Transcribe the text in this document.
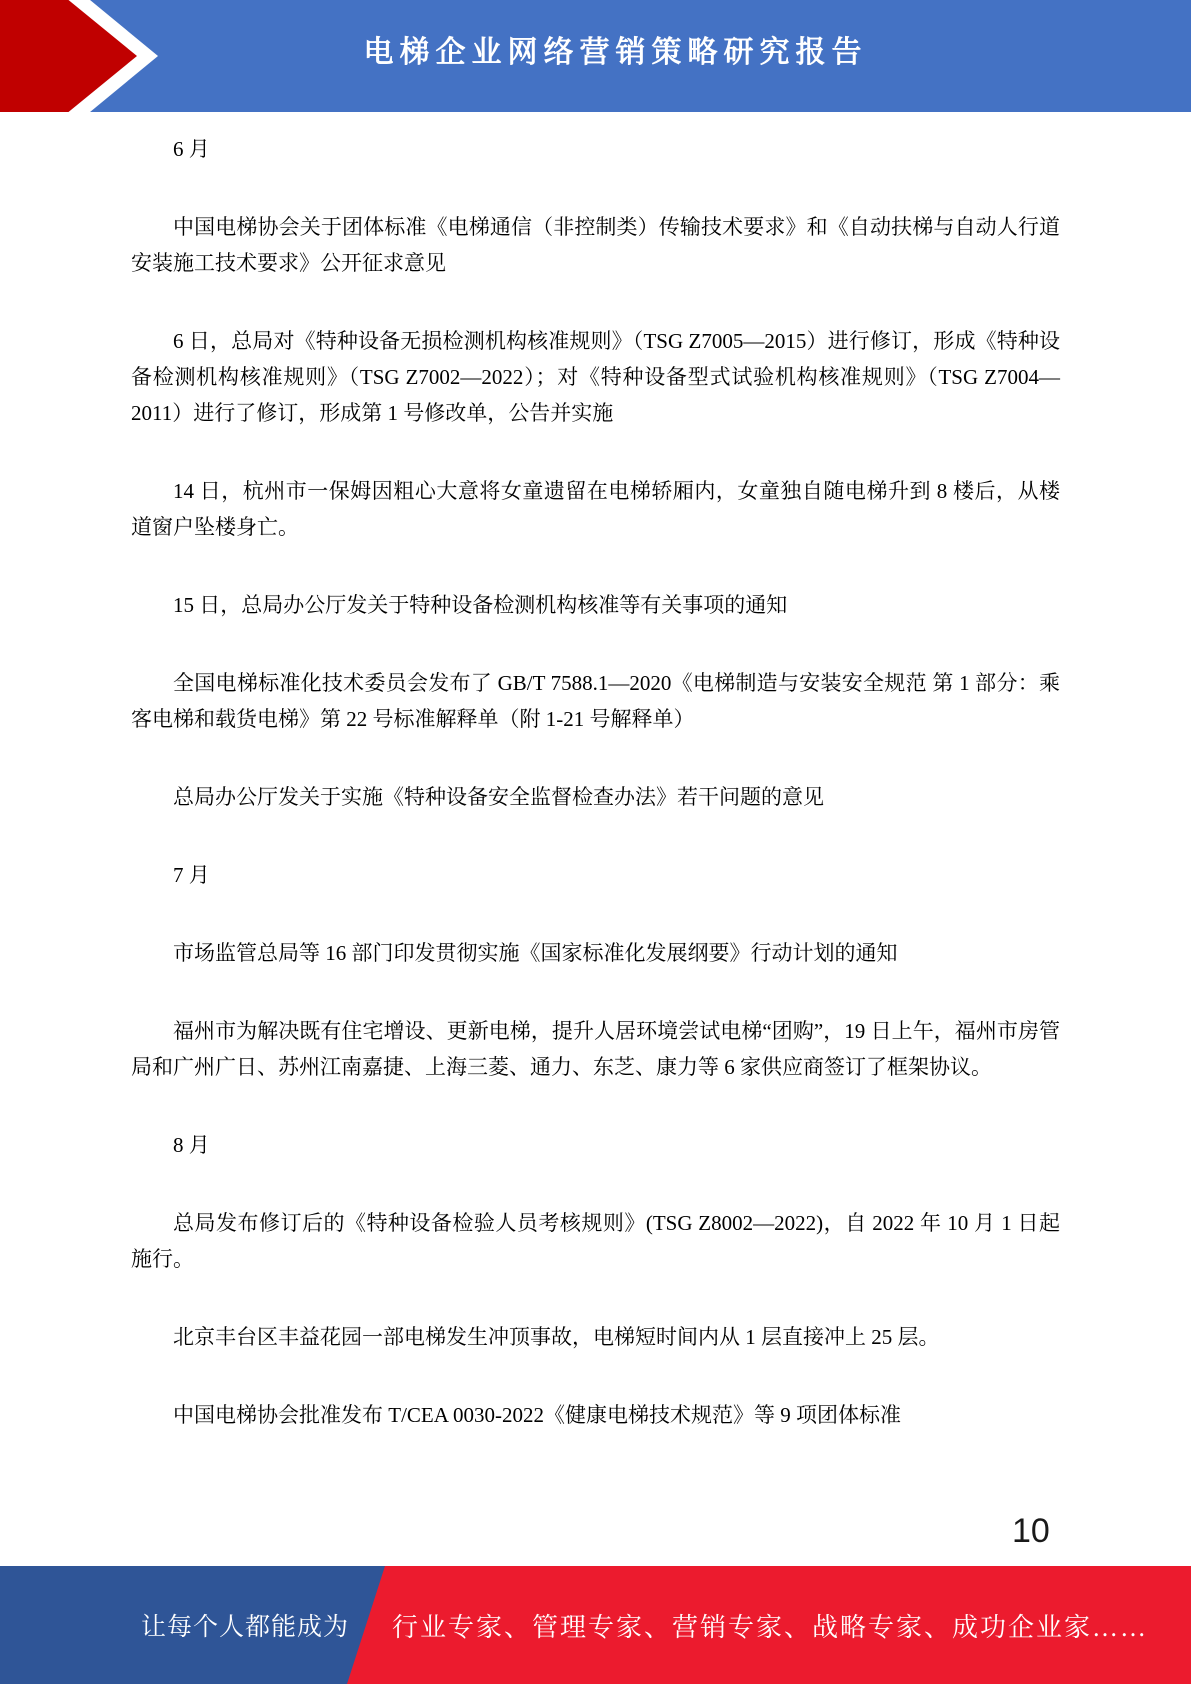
电梯企业网络营销策略研究报告

6 月

中国电梯协会关于团体标准《电梯通信（非控制类）传输技术要求》和《自动扶梯与自动人行道安装施工技术要求》公开征求意见

6 日，总局对《特种设备无损检测机构核准规则》（TSG Z7005—2015）进行修订，形成《特种设备检测机构核准规则》（TSG Z7002—2022）；对《特种设备型式试验机构核准规则》（TSG Z7004—2011）进行了修订，形成第 1 号修改单，公告并实施

14 日，杭州市一保姆因粗心大意将女童遗留在电梯轿厢内，女童独自随电梯升到 8 楼后，从楼道窗户坠楼身亡。

15 日，总局办公厅发关于特种设备检测机构核准等有关事项的通知

全国电梯标准化技术委员会发布了 GB/T 7588.1—2020《电梯制造与安装安全规范 第 1 部分：乘客电梯和载货电梯》第 22 号标准解释单（附 1-21 号解释单）

总局办公厅发关于实施《特种设备安全监督检查办法》若干问题的意见

7 月

市场监管总局等 16 部门印发贯彻实施《国家标准化发展纲要》行动计划的通知

福州市为解决既有住宅增设、更新电梯，提升人居环境尝试电梯“团购”，19 日上午，福州市房管局和广州广日、苏州江南嘉捷、上海三菱、通力、东芝、康力等 6 家供应商签订了框架协议。

8 月

总局发布修订后的《特种设备检验人员考核规则》(TSG Z8002—2022)，自 2022 年 10 月 1 日起施行。

北京丰台区丰益花园一部电梯发生冲顶事故，电梯短时间内从 1 层直接冲上 25 层。

中国电梯协会批准发布 T/CEA 0030-2022《健康电梯技术规范》等 9 项团体标准

10
让每个人都能成为 行业专家、管理专家、营销专家、战略专家、成功企业家……
